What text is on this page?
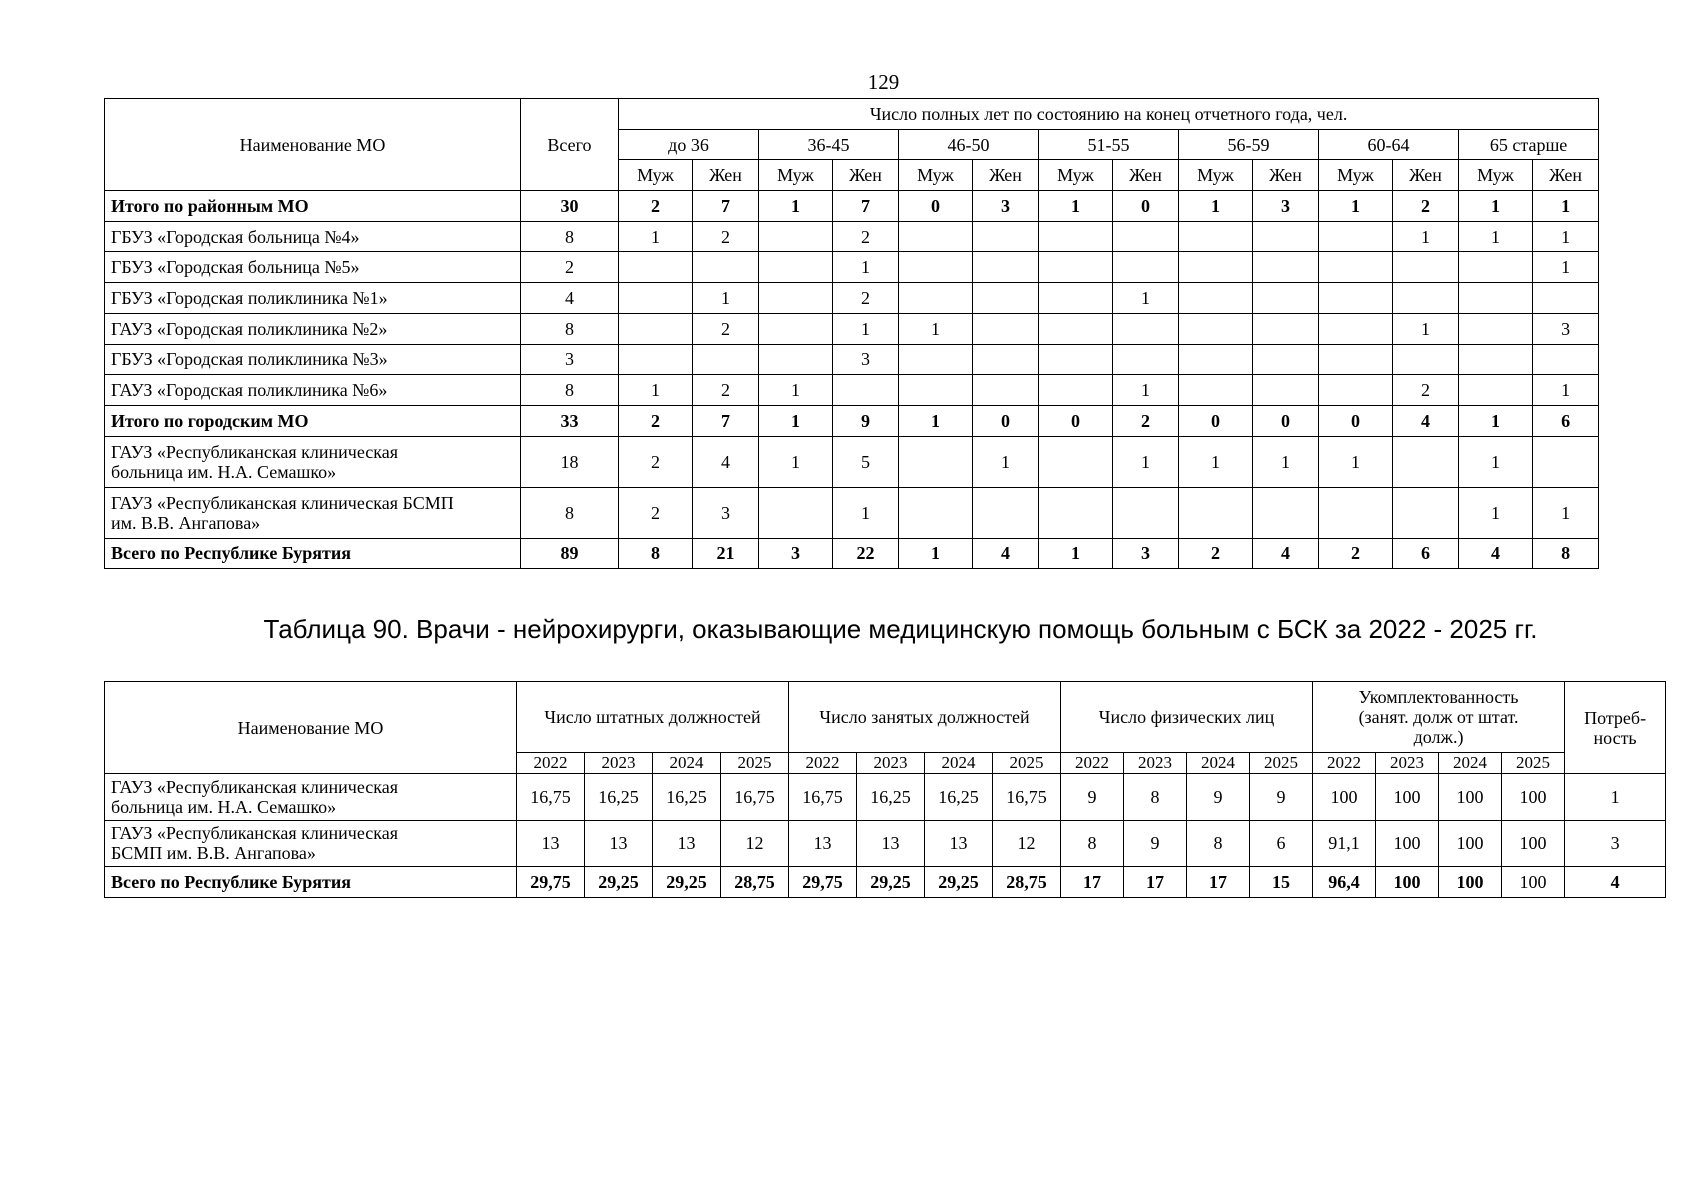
129
Наименование МО	Всего	Число полных лет по состоянию на конец отчетного года, чел.													
		до 36		36-45		46-50		51-55		56-59		60-64		65 старше	
		Муж	Жен	Муж	Жен	Муж	Жен	Муж	Жен	Муж	Жен	Муж	Жен	Муж	Жен
Итого по районным МО	30	2	7	1	7	0	3	1	0	1	3	1	2	1	1
ГБУЗ «Городская больница №4»	8	1	2		2								1	1	1
ГБУЗ «Городская больница №5»	2				1										1
ГБУЗ «Городская поликлиника №1»	4		1		2				1						
ГАУЗ «Городская поликлиника №2»	8		2		1	1							1		3
ГБУЗ «Городская поликлиника №3»	3				3										
ГАУЗ «Городская поликлиника №6»	8	1	2	1					1				2		1
Итого по городским МО	33	2	7	1	9	1	0	0	2	0	0	0	4	1	6
ГАУЗ «Республиканская клиническая
больница им. Н.А. Семашко»	18	2	4	1	5		1		1	1	1	1		1	
ГАУЗ «Республиканская клиническая БСМП
им. В.В. Ангапова»	8	2	3		1									1	1
Всего по Республике Бурятия	89	8	21	3	22	1	4	1	3	2	4	2	6	4	8
Таблица 90. Врачи - нейрохирурги, оказывающие медицинскую помощь больным с БСК за 2022 - 2025 гг.
Наименование МО	Число штатных должностей				Число занятых должностей				Число физических лиц				Укомплектованность
(занят. долж от штат.
долж.)				Потреб-
ность
	2022	2023	2024	2025	2022	2023	2024	2025	2022	2023	2024	2025	2022	2023	2024	2025	
ГАУЗ «Республиканская клиническая
больница им. Н.А. Семашко»	16,75	16,25	16,25	16,75	16,75	16,25	16,25	16,75	9	8	9	9	100	100	100	100	1
ГАУЗ «Республиканская клиническая
БСМП им. В.В. Ангапова»	13	13	13	12	13	13	13	12	8	9	8	6	91,1	100	100	100	3
Всего по Республике Бурятия	29,75	29,25	29,25	28,75	29,75	29,25	29,25	28,75	17	17	17	15	96,4	100	100	100	4
